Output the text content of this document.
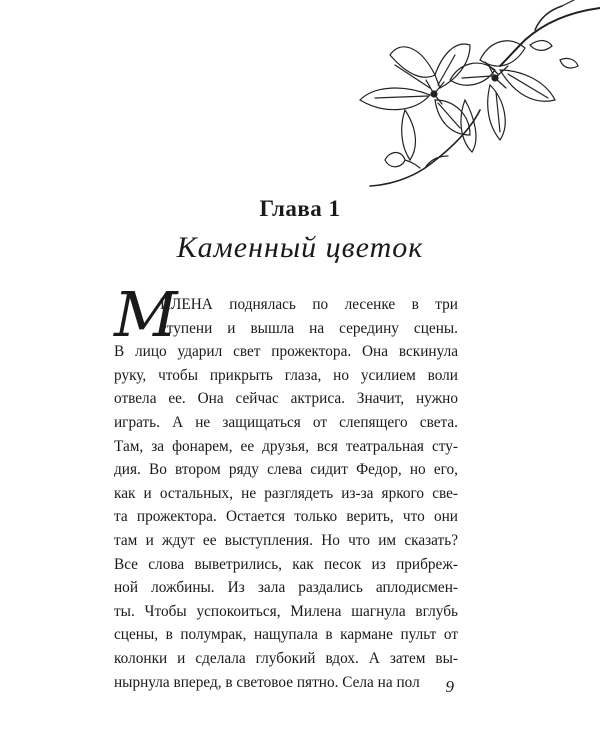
Глава 1
Каменный цветок
М
ИЛЕНА поднялась по лесенке в три
ступени и вышла на середину сцены.
В лицо ударил свет прожектора. Она вскинула
руку, чтобы прикрыть глаза, но усилием воли
отвела ее. Она сейчас актриса. Значит, нужно
играть. А не защищаться от слепящего света.
Там, за фонарем, ее друзья, вся театральная сту-
дия. Во втором ряду слева сидит Федор, но его,
как и остальных, не разглядеть из-за яркого све-
та прожектора. Остается только верить, что они
там и ждут ее выступления. Но что им сказать?
Все слова выветрились, как песок из прибреж-
ной ложбины. Из зала раздались аплодисмен-
ты. Чтобы успокоиться, Милена шагнула вглубь
сцены, в полумрак, нащупала в кармане пульт от
колонки и сделала глубокий вдох. А затем вы-
нырнула вперед, в световое пятно. Села на пол	9
